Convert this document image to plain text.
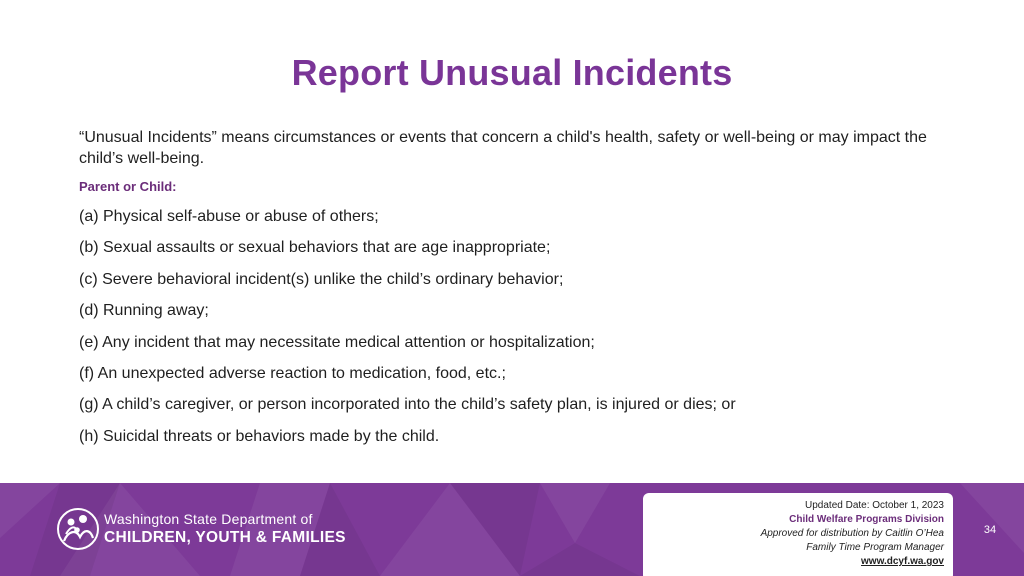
Report Unusual Incidents
“Unusual Incidents” means circumstances or events that concern a child's health, safety or well-being or may impact the child’s well-being.
Parent or Child:
(a) Physical self-abuse or abuse of others;
(b) Sexual assaults or sexual behaviors that are age inappropriate;
(c) Severe behavioral incident(s) unlike the child’s ordinary behavior;
(d) Running away;
(e) Any incident that may necessitate medical attention or hospitalization;
(f) An unexpected adverse reaction to medication, food, etc.;
(g) A child’s caregiver, or person incorporated into the child’s safety plan, is injured or dies; or
(h) Suicidal threats or behaviors made by the child.
Washington State Department of
CHILDREN, YOUTH & FAMILIES
Updated Date: October 1, 2023
Child Welfare Programs Division
Approved for distribution by Caitlin O’Hea
Family Time Program Manager
www.dcyf.wa.gov
34
